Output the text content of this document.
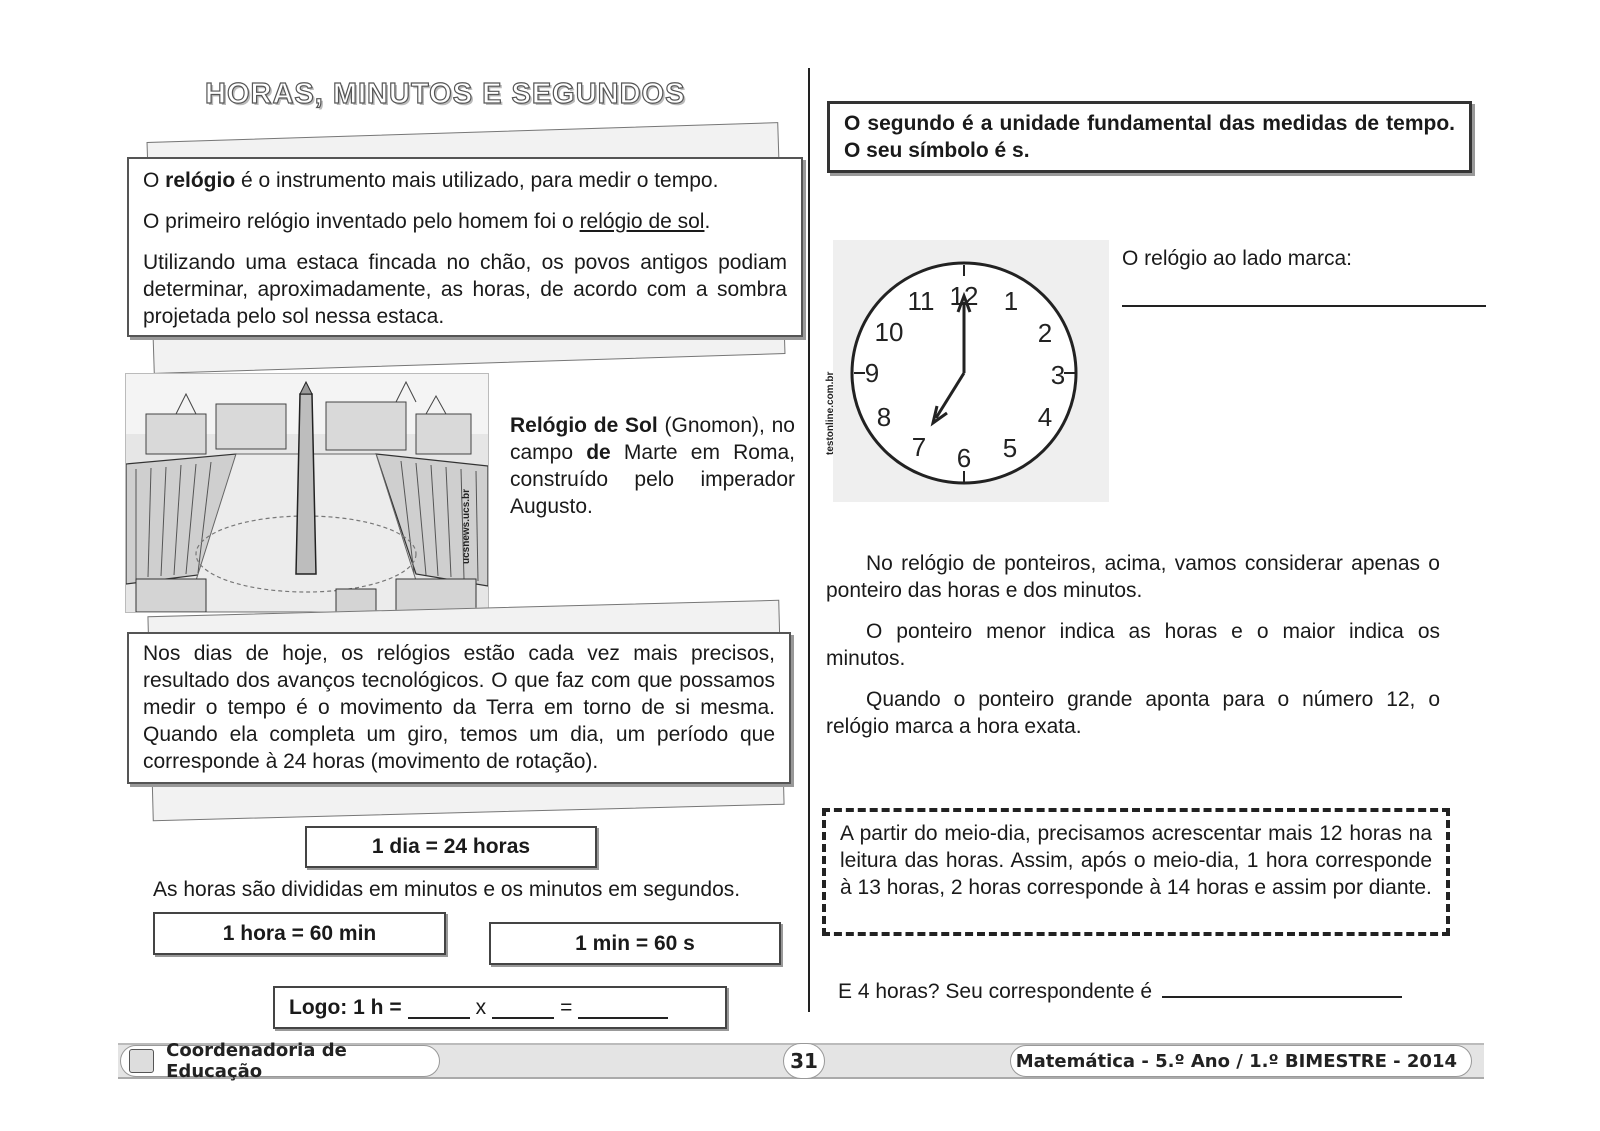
HORAS, MINUTOS E SEGUNDOS

O relógio é o instrumento mais utilizado, para medir o tempo.

O primeiro relógio inventado pelo homem foi o relógio de sol.

Utilizando uma estaca fincada no chão, os povos antigos podiam determinar, aproximadamente, as horas, de acordo com a sombra projetada pelo sol nessa estaca.

ucsnews.ucs.br

Relógio de Sol (Gnomon), no campo de Marte em Roma, construído pelo imperador Augusto.

Nos dias de hoje, os relógios estão cada vez mais precisos, resultado dos avanços tecnológicos. O que faz com que possamos medir o tempo é o movimento da Terra em torno de si mesma. Quando ela completa um giro, temos um dia, um período que corresponde à 24 horas (movimento de rotação).

1 dia = 24 horas

As horas são divididas em minutos e os minutos em segundos.

1 hora = 60 min	1 min = 60 s
Logo: 1 h =	x	=

O segundo é a unidade fundamental das medidas de tempo. O seu símbolo é s.

12 1
2
3
4
5
6
7
8
9
10
11
testonline.com.br

O relógio ao lado marca:

No relógio de ponteiros, acima, vamos considerar apenas o ponteiro das horas e dos minutos.

O ponteiro menor indica as horas e o maior indica os minutos.

Quando o ponteiro grande aponta para o número 12, o relógio marca a hora exata.

A partir do meio-dia, precisamos acrescentar mais 12 horas na leitura das horas. Assim, após o meio-dia, 1 hora corresponde à 13 horas, 2 horas corresponde à 14 horas e assim por diante.

E 4 horas? Seu correspondente é
Coordenadoria de Educação	31	Matemática - 5.º Ano / 1.º BIMESTRE - 2014
